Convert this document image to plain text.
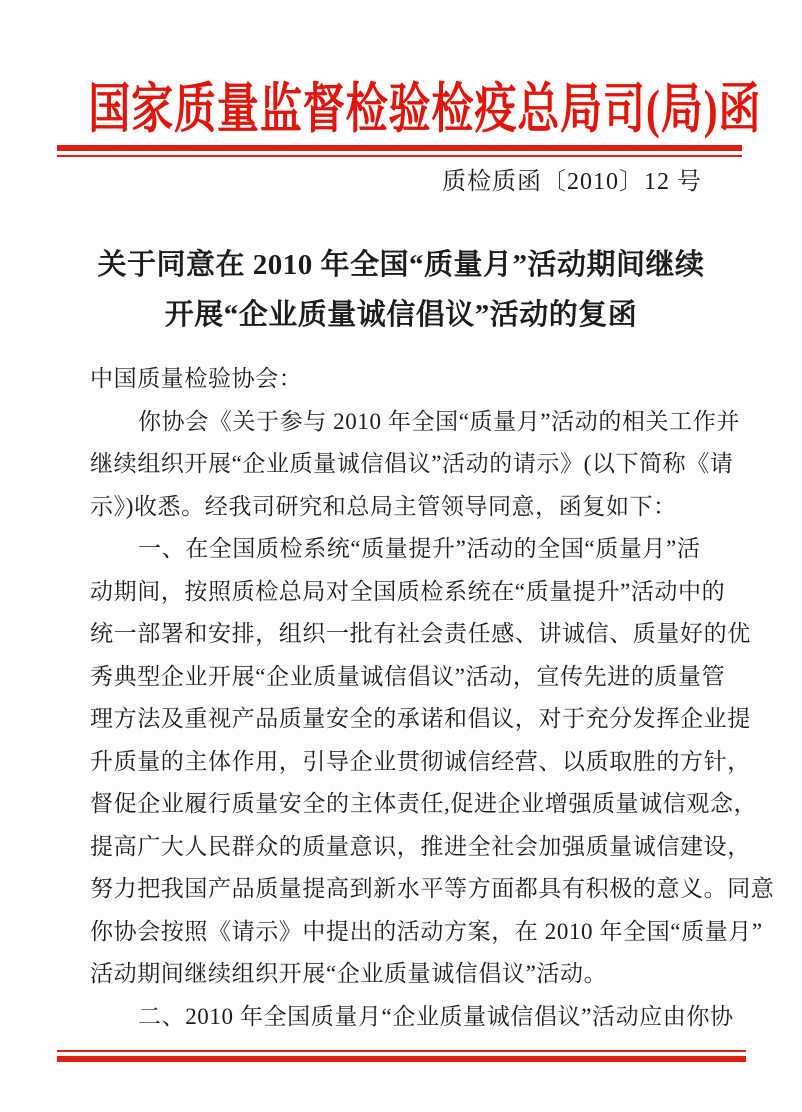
国家质量监督检验检疫总局司(局)函
质检质函〔2010〕12 号
关于同意在 2010 年全国“质量月”活动期间继续
开展“企业质量诚信倡议”活动的复函
中国质量检验协会：
你协会《关于参与 2010 年全国“质量月”活动的相关工作并
继续组织开展“企业质量诚信倡议”活动的请示》(以下简称《请
示》)收悉。经我司研究和总局主管领导同意，函复如下：
一、在全国质检系统“质量提升”活动的全国“质量月”活
动期间，按照质检总局对全国质检系统在“质量提升”活动中的
统一部署和安排，组织一批有社会责任感、讲诚信、质量好的优
秀典型企业开展“企业质量诚信倡议”活动，宣传先进的质量管
理方法及重视产品质量安全的承诺和倡议，对于充分发挥企业提
升质量的主体作用，引导企业贯彻诚信经营、以质取胜的方针，
督促企业履行质量安全的主体责任,促进企业增强质量诚信观念，
提高广大人民群众的质量意识，推进全社会加强质量诚信建设，
努力把我国产品质量提高到新水平等方面都具有积极的意义。同意
你协会按照《请示》中提出的活动方案，在 2010 年全国“质量月”
活动期间继续组织开展“企业质量诚信倡议”活动。
二、2010 年全国质量月“企业质量诚信倡议”活动应由你协
